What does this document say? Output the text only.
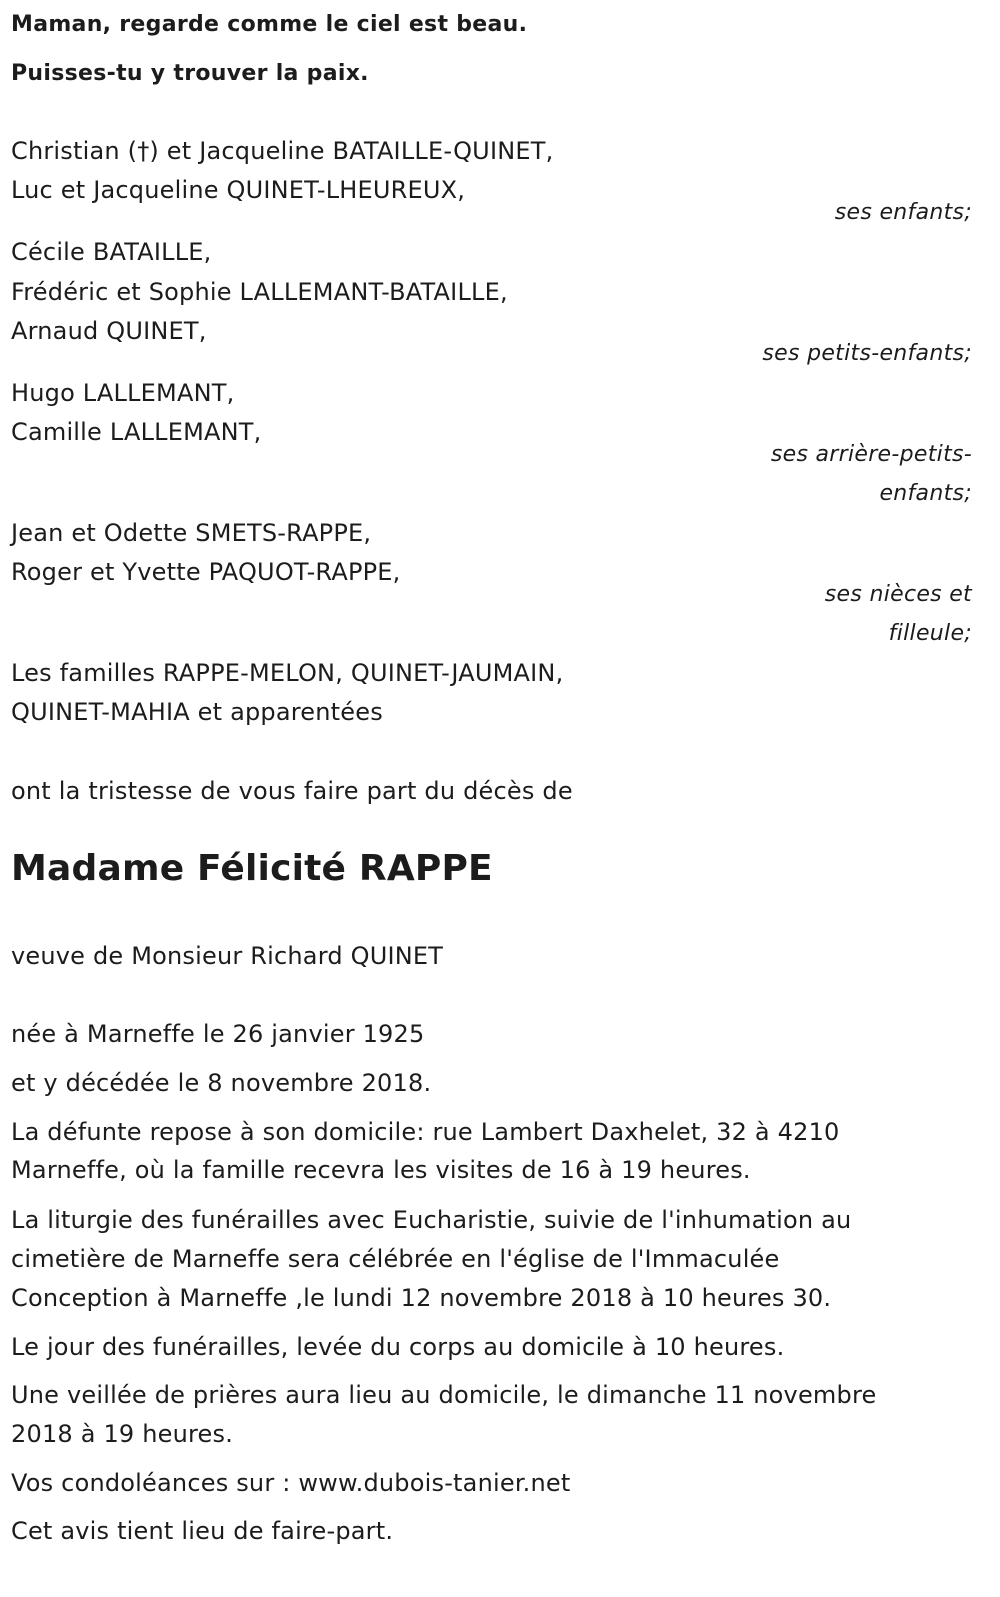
Maman, regarde comme le ciel est beau.
Puisses-tu y trouver la paix.
Christian (†) et Jacqueline BATAILLE-QUINET,
Luc et Jacqueline QUINET-LHEUREUX,
ses enfants;
Cécile BATAILLE,
Frédéric et Sophie LALLEMANT-BATAILLE,
Arnaud QUINET,
ses petits-enfants;
Hugo LALLEMANT,
Camille LALLEMANT,
ses arrière-petits-
enfants;
Jean et Odette SMETS-RAPPE,
Roger et Yvette PAQUOT-RAPPE,
ses nièces et
filleule;
Les familles RAPPE-MELON, QUINET-JAUMAIN,
QUINET-MAHIA et apparentées
ont la tristesse de vous faire part du décès de
Madame Félicité RAPPE
veuve de Monsieur Richard QUINET
née à Marneffe le 26 janvier 1925
et y décédée le 8 novembre 2018.
La défunte repose à son domicile: rue Lambert Daxhelet, 32 à 4210
Marneffe, où la famille recevra les visites de 16 à 19 heures.
La liturgie des funérailles avec Eucharistie, suivie de l'inhumation au
cimetière de Marneffe sera célébrée en l'église de l'Immaculée
Conception à Marneffe ,le lundi 12 novembre 2018 à 10 heures 30.
Le jour des funérailles, levée du corps au domicile à 10 heures.
Une veillée de prières aura lieu au domicile, le dimanche 11 novembre
2018 à 19 heures.
Vos condoléances sur : www.dubois-tanier.net
Cet avis tient lieu de faire-part.
